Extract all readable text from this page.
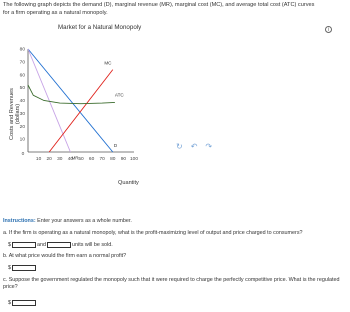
The following graph depicts the demand (D), marginal revenue (MR), marginal cost (MC), and average total cost (ATC) curves for a firm operating as a natural monopoly.
i
Market for a Natural Monopoly
Costs and Revenues (dollars)
Quantity
10
20
30
40
50
60
70
80
0
10 20 30 40 50 60 70 80 90 100
D
MR
MC
ATC
↻ ↶ ↷
Instructions: Enter your answers as a whole number.
a. If the firm is operating as a natural monopoly, what is the profit-maximizing level of output and price charged to consumers?
$	and	units will be sold.
b. At what price would the firm earn a normal profit?
$
c. Suppose the government regulated the monopoly such that it were required to charge the perfectly competitive price. What is the regulated price?
$
